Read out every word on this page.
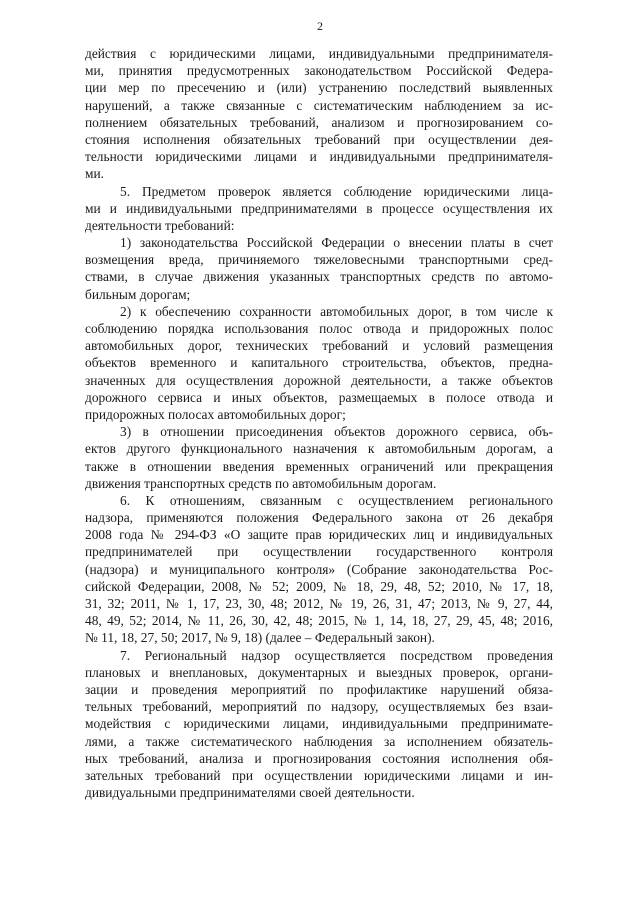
2
действия с юридическими лицами, индивидуальными предпринимателя-
ми, принятия предусмотренных законодательством Российской Федера-
ции мер по пресечению и (или) устранению последствий выявленных
нарушений, а также связанные с систематическим наблюдением за ис-
полнением обязательных требований, анализом и прогнозированием со-
стояния исполнения обязательных требований при осуществлении дея-
тельности юридическими лицами и индивидуальными предпринимателя-
ми.
5. Предметом проверок является соблюдение юридическими лица-
ми и индивидуальными предпринимателями в процессе осуществления их
деятельности требований:
1) законодательства Российской Федерации о внесении платы в счет
возмещения вреда, причиняемого тяжеловесными транспортными сред-
ствами, в случае движения указанных транспортных средств по автомо-
бильным дорогам;
2) к обеспечению сохранности автомобильных дорог, в том числе к
соблюдению порядка использования полос отвода и придорожных полос
автомобильных дорог, технических требований и условий размещения
объектов временного и капитального строительства, объектов, предна-
значенных для осуществления дорожной деятельности, а также объектов
дорожного сервиса и иных объектов, размещаемых в полосе отвода и
придорожных полосах автомобильных дорог;
3) в отношении присоединения объектов дорожного сервиса, объ-
ектов другого функционального назначения к автомобильным дорогам, а
также в отношении введения временных ограничений или прекращения
движения транспортных средств по автомобильным дорогам.
6. К отношениям, связанным с осуществлением регионального
надзора, применяются положения Федерального закона от 26 декабря
2008 года № 294-ФЗ «О защите прав юридических лиц и индивидуальных
предпринимателей при осуществлении государственного контроля
(надзора) и муниципального контроля» (Собрание законодательства Рос-
сийской Федерации, 2008, № 52; 2009, № 18, 29, 48, 52; 2010, № 17, 18,
31, 32; 2011, № 1, 17, 23, 30, 48; 2012, № 19, 26, 31, 47; 2013, № 9, 27, 44,
48, 49, 52; 2014, № 11, 26, 30, 42, 48; 2015, № 1, 14, 18, 27, 29, 45, 48; 2016,
№ 11, 18, 27, 50; 2017, № 9, 18) (далее – Федеральный закон).
7. Региональный надзор осуществляется посредством проведения
плановых и внеплановых, документарных и выездных проверок, органи-
зации и проведения мероприятий по профилактике нарушений обяза-
тельных требований, мероприятий по надзору, осуществляемых без взаи-
модействия с юридическими лицами, индивидуальными предпринимате-
лями, а также систематического наблюдения за исполнением обязатель-
ных требований, анализа и прогнозирования состояния исполнения обя-
зательных требований при осуществлении юридическими лицами и ин-
дивидуальными предпринимателями своей деятельности.
